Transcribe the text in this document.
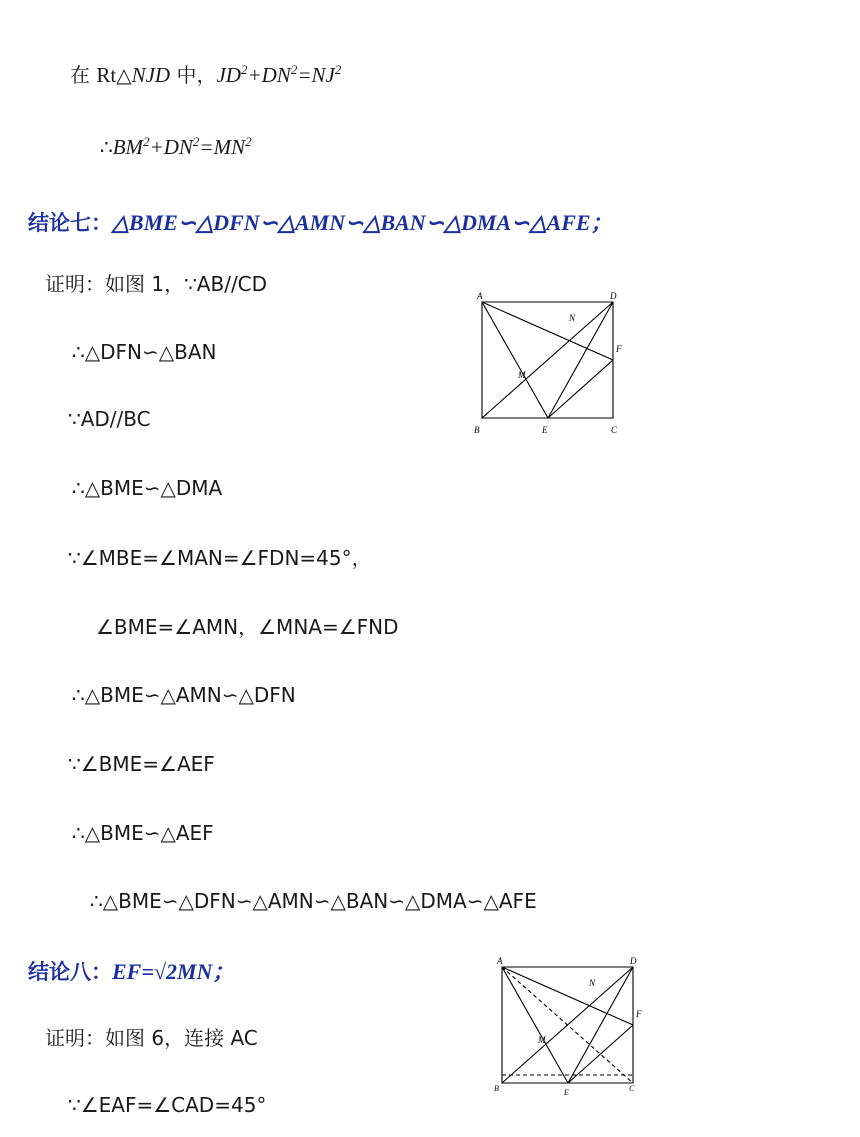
在 Rt△NJD 中，$JD^2+DN^2=NJ^2$
$\therefore BM^2+DN^2=MN^2$
结论七：△BME∽△DFN∽△AMN∽△BAN∽△DMA∽△AFE；
证明：如图 1，∵AB//CD
∴△DFN∽△BAN
∵AD//BC
∴△BME∽△DMA
∵∠MBE=∠MAN=∠FDN=45°，
∠BME=∠AMN，∠MNA=∠FND
∴△BME∽△AMN∽△DFN
∵∠BME=∠AEF
∴△BME∽△AEF
∴△BME∽△DFN∽△AMN∽△BAN∽△DMA∽△AFE
结论八：EF=√2MN；
证明：如图 6，连接 AC
∵∠EAF=∠CAD=45°
A	D
N
F
M
B	E	C
A	D
N
F
M
B	E	C
